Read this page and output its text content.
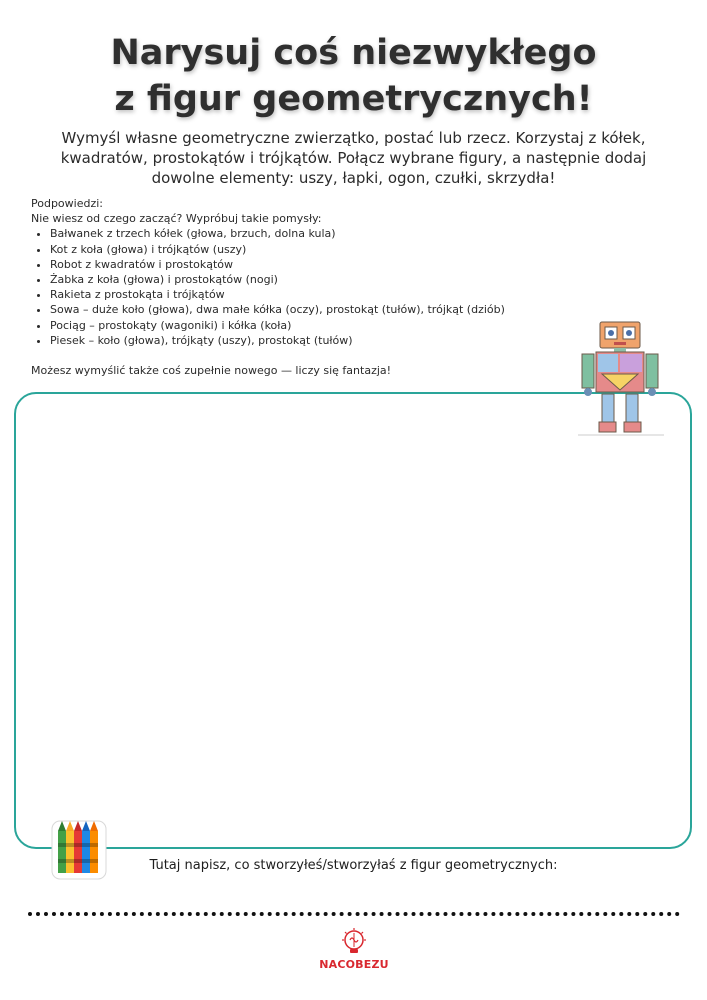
Narysuj coś niezwykłego
z figur geometrycznych!
Wymyśl własne geometryczne zwierzątko, postać lub rzecz. Korzystaj z kółek, kwadratów, prostokątów i trójkątów. Połącz wybrane figury, a następnie dodaj dowolne elementy: uszy, łapki, ogon, czułki, skrzydła!
Podpowiedzi:
Nie wiesz od czego zacząć? Wypróbuj takie pomysły:
• Bałwanek z trzech kółek (głowa, brzuch, dolna kula)
• Kot z koła (głowa) i trójkątów (uszy)
• Robot z kwadratów i prostokątów
• Żabka z koła (głowa) i prostokątów (nogi)
• Rakieta z prostokąta i trójkątów
• Sowa – duże koło (głowa), dwa małe kółka (oczy), prostokąt (tułów), trójkąt (dziób)
• Pociąg – prostokąty (wagoniki) i kółka (koła)
• Piesek – koło (głowa), trójkąty (uszy), prostokąt (tułów)
Możesz wymyślić także coś zupełnie nowego — liczy się fantazja!
Tutaj napisz, co stworzyłeś/stworzyłaś z figur geometrycznych:
NACOBEZU
